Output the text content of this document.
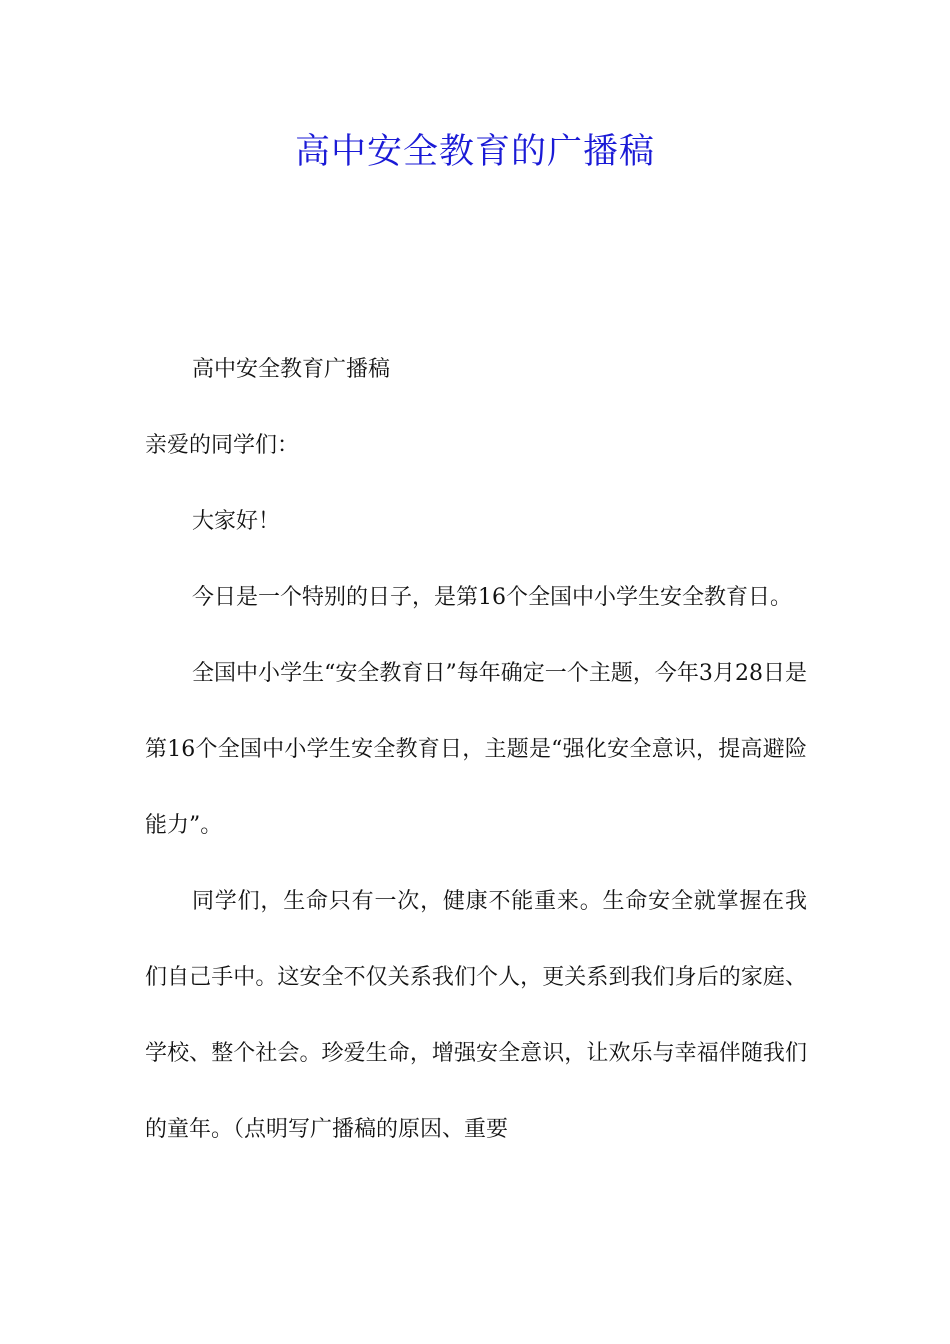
高中安全教育的广播稿

高中安全教育广播稿

亲爱的同学们：

大家好！

今日是一个特别的日子，是第16个全国中小学生安全教育日。

全国中小学生“安全教育日”每年确定一个主题，今年3月28日是第16个全国中小学生安全教育日，主题是“强化安全意识，提高避险能力”。

同学们，生命只有一次，健康不能重来。生命安全就掌握在我们自己手中。这安全不仅关系我们个人，更关系到我们身后的家庭、学校、整个社会。珍爱生命，增强安全意识，让欢乐与幸福伴随我们的童年。（点明写广播稿的原因、重要
